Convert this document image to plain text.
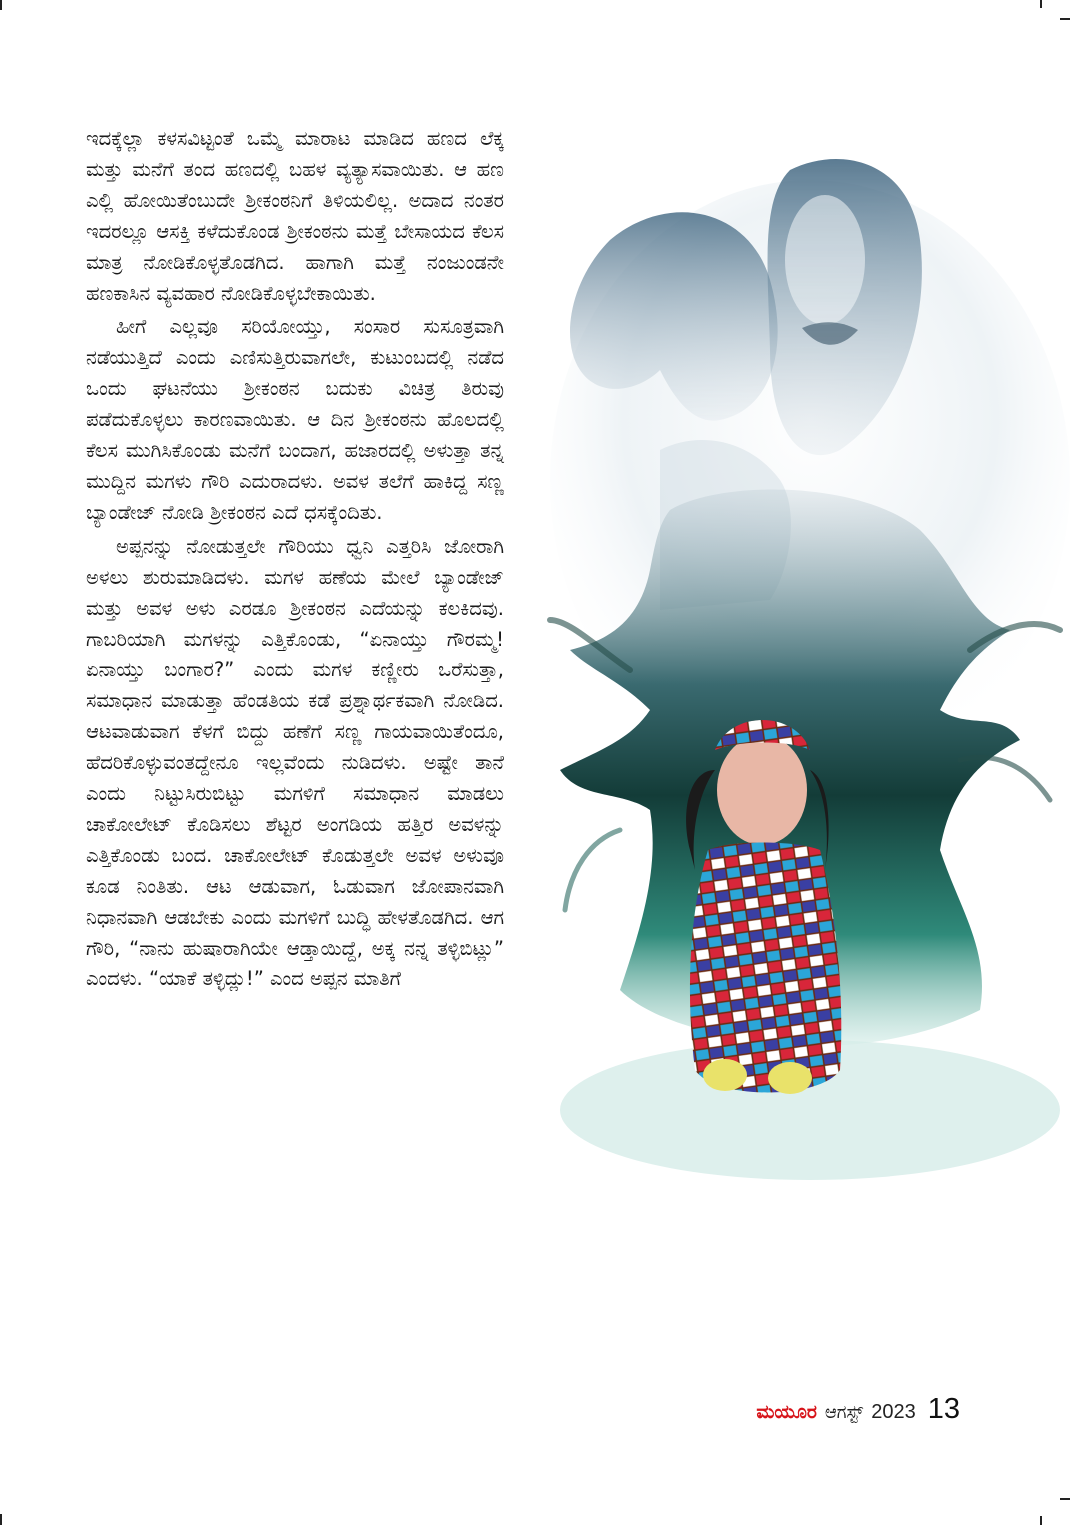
ಇದಕ್ಕೆಲ್ಲಾ ಕಳಸವಿಟ್ಟಂತೆ ಒಮ್ಮೆ ಮಾರಾಟ ಮಾಡಿದ ಹಣದ ಲೆಕ್ಕ ಮತ್ತು ಮನೆಗೆ ತಂದ ಹಣದಲ್ಲಿ ಬಹಳ ವ್ಯತ್ಯಾಸವಾಯಿತು. ಆ ಹಣ ಎಲ್ಲಿ ಹೋಯಿತೆಂಬುದೇ ಶ್ರೀಕಂಠನಿಗೆ ತಿಳಿಯಲಿಲ್ಲ. ಅದಾದ ನಂತರ ಇದರಲ್ಲೂ ಆಸಕ್ತಿ ಕಳೆದುಕೊಂಡ ಶ್ರೀಕಂಠನು ಮತ್ತೆ ಬೇಸಾಯದ ಕೆಲಸ ಮಾತ್ರ ನೋಡಿಕೊಳ್ಳತೊಡಗಿದ. ಹಾಗಾಗಿ ಮತ್ತೆ ನಂಜುಂಡನೇ ಹಣಕಾಸಿನ ವ್ಯವಹಾರ ನೋಡಿಕೊಳ್ಳಬೇಕಾಯಿತು.

ಹೀಗೆ ಎಲ್ಲವೂ ಸರಿಯೋಯ್ತು, ಸಂಸಾರ ಸುಸೂತ್ರವಾಗಿ ನಡೆಯುತ್ತಿದೆ ಎಂದು ಎಣಿಸುತ್ತಿರುವಾಗಲೇ, ಕುಟುಂಬದಲ್ಲಿ ನಡೆದ ಒಂದು ಘಟನೆಯು ಶ್ರೀಕಂಠನ ಬದುಕು ವಿಚಿತ್ರ ತಿರುವು ಪಡೆದುಕೊಳ್ಳಲು ಕಾರಣವಾಯಿತು. ಆ ದಿನ ಶ್ರೀಕಂಠನು ಹೊಲದಲ್ಲಿ ಕೆಲಸ ಮುಗಿಸಿಕೊಂಡು ಮನೆಗೆ ಬಂದಾಗ, ಹಜಾರದಲ್ಲಿ ಅಳುತ್ತಾ ತನ್ನ ಮುದ್ದಿನ ಮಗಳು ಗೌರಿ ಎದುರಾದಳು. ಅವಳ ತಲೆಗೆ ಹಾಕಿದ್ದ ಸಣ್ಣ ಬ್ಯಾಂಡೇಜ್ ನೋಡಿ ಶ್ರೀಕಂಠನ ಎದೆ ಧಸಕ್ಕೆಂದಿತು.

ಅಪ್ಪನನ್ನು ನೋಡುತ್ತಲೇ ಗೌರಿಯು ಧ್ವನಿ ಎತ್ತರಿಸಿ ಜೋರಾಗಿ ಅಳಲು ಶುರುಮಾಡಿದಳು. ಮಗಳ ಹಣೆಯ ಮೇಲೆ ಬ್ಯಾಂಡೇಜ್ ಮತ್ತು ಅವಳ ಅಳು ಎರಡೂ ಶ್ರೀಕಂಠನ ಎದೆಯನ್ನು ಕಲಕಿದವು. ಗಾಬರಿಯಾಗಿ ಮಗಳನ್ನು ಎತ್ತಿಕೊಂಡು, “ಏನಾಯ್ತು ಗೌರಮ್ಮ! ಏನಾಯ್ತು ಬಂಗಾರ?” ಎಂದು ಮಗಳ ಕಣ್ಣೀರು ಒರೆಸುತ್ತಾ, ಸಮಾಧಾನ ಮಾಡುತ್ತಾ ಹೆಂಡತಿಯ ಕಡೆ ಪ್ರಶ್ನಾರ್ಥಕವಾಗಿ ನೋಡಿದ. ಆಟವಾಡುವಾಗ ಕೆಳಗೆ ಬಿದ್ದು ಹಣೆಗೆ ಸಣ್ಣ ಗಾಯವಾಯಿತೆಂದೂ, ಹೆದರಿಕೊಳ್ಳುವಂತದ್ದೇನೂ ಇಲ್ಲವೆಂದು ನುಡಿದಳು. ಅಷ್ಟೇ ತಾನೆ ಎಂದು ನಿಟ್ಟುಸಿರುಬಿಟ್ಟು ಮಗಳಿಗೆ ಸಮಾಧಾನ ಮಾಡಲು ಚಾಕೋಲೇಟ್ ಕೊಡಿಸಲು ಶೆಟ್ಟರ ಅಂಗಡಿಯ ಹತ್ತಿರ ಅವಳನ್ನು ಎತ್ತಿಕೊಂಡು ಬಂದ. ಚಾಕೋಲೇಟ್ ಕೊಡುತ್ತಲೇ ಅವಳ ಅಳುವೂ ಕೂಡ ನಿಂತಿತು. ಆಟ ಆಡುವಾಗ, ಓಡುವಾಗ ಜೋಪಾನವಾಗಿ ನಿಧಾನವಾಗಿ ಆಡಬೇಕು ಎಂದು ಮಗಳಿಗೆ ಬುದ್ಧಿ ಹೇಳತೊಡಗಿದ. ಆಗ ಗೌರಿ, “ನಾನು ಹುಷಾರಾಗಿಯೇ ಆಡ್ತಾಯಿದ್ದೆ, ಅಕ್ಕ ನನ್ನ ತಳ್ಳಿಬಿಟ್ಲು” ಎಂದಳು. “ಯಾಕೆ ತಳ್ಳಿದ್ಲು!” ಎಂದ ಅಪ್ಪನ ಮಾತಿಗೆ

ಮಯೂರ ಆಗಸ್ಟ್ 2023 13
